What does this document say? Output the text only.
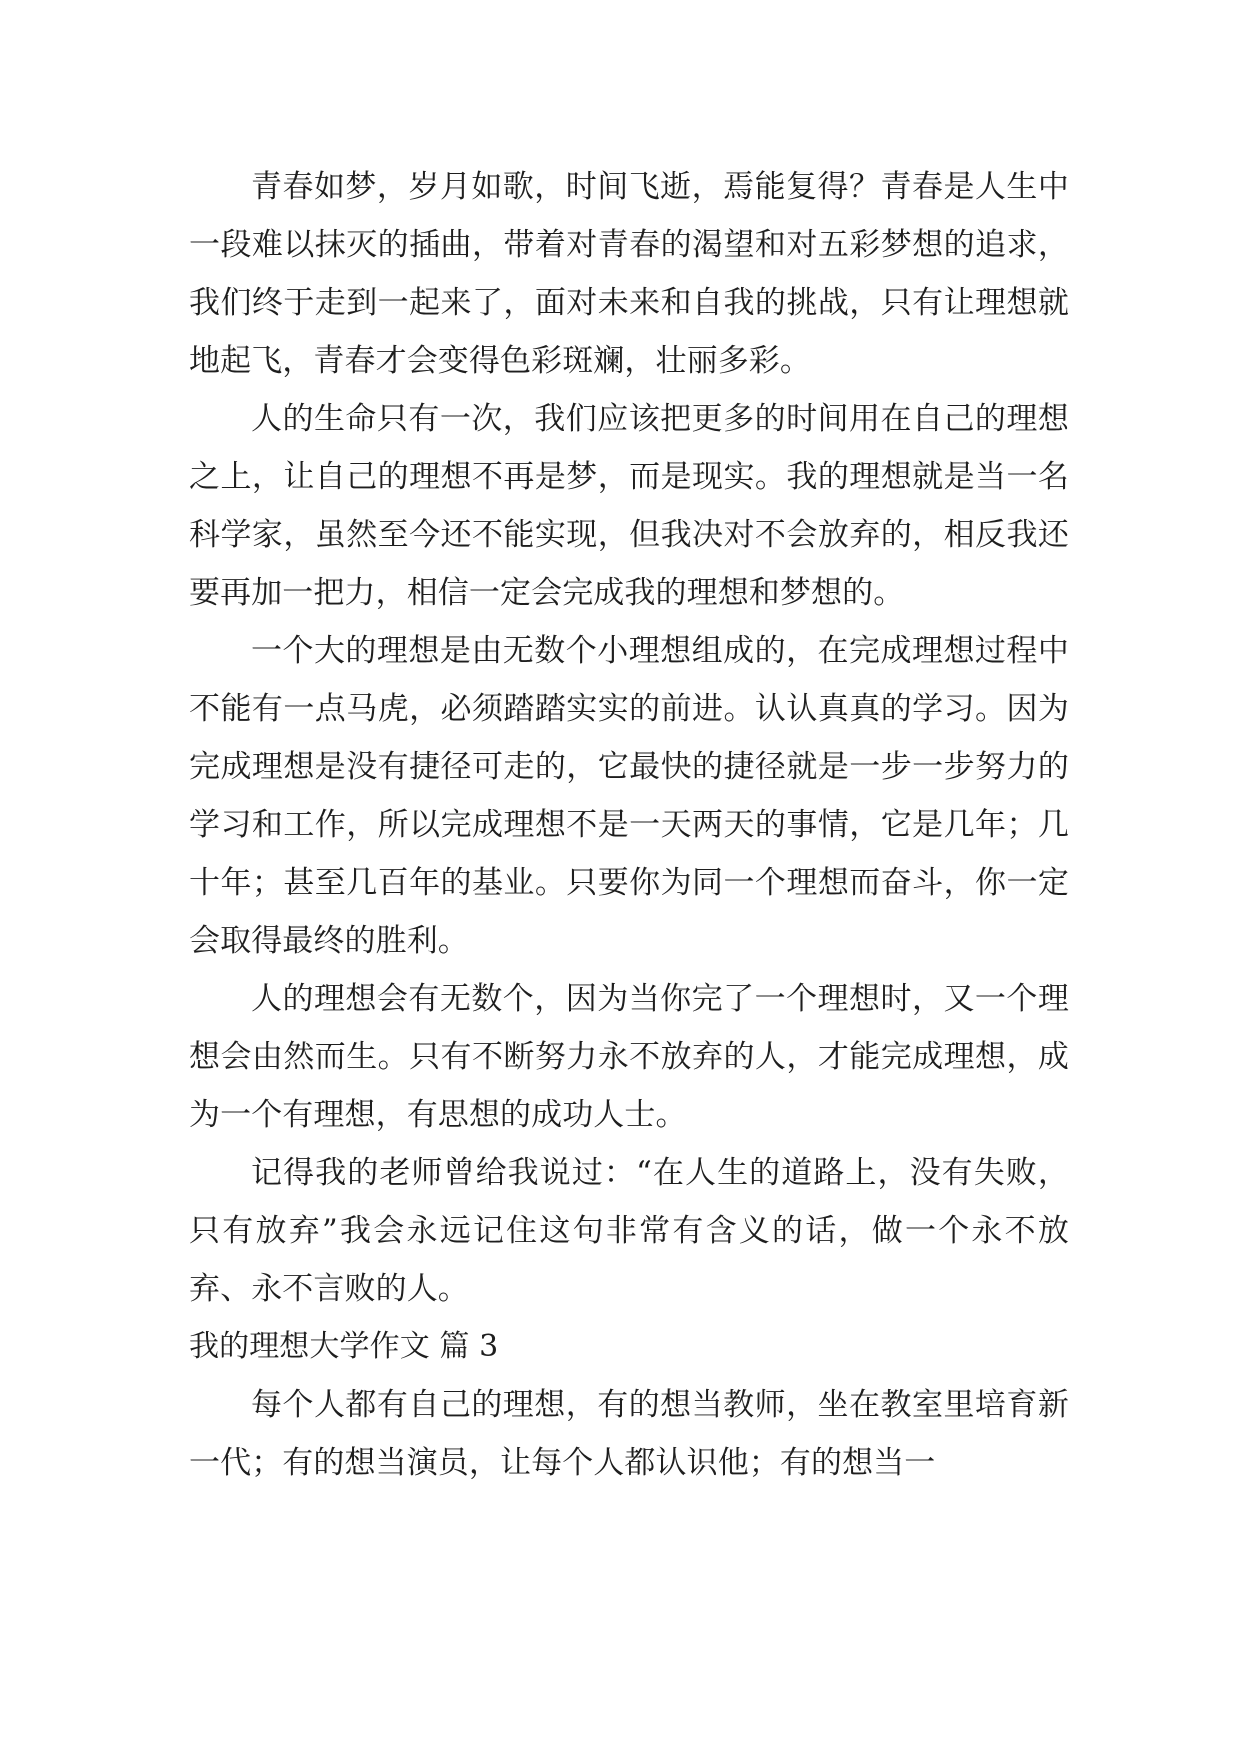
青春如梦，岁月如歌，时间飞逝，焉能复得？青春是人生中一段难以抹灭的插曲，带着对青春的渴望和对五彩梦想的追求，我们终于走到一起来了，面对未来和自我的挑战，只有让理想就地起飞，青春才会变得色彩斑斓，壮丽多彩。

人的生命只有一次，我们应该把更多的时间用在自己的理想之上，让自己的理想不再是梦，而是现实。我的理想就是当一名科学家，虽然至今还不能实现，但我决对不会放弃的，相反我还要再加一把力，相信一定会完成我的理想和梦想的。

一个大的理想是由无数个小理想组成的，在完成理想过程中不能有一点马虎，必须踏踏实实的前进。认认真真的学习。因为完成理想是没有捷径可走的，它最快的捷径就是一步一步努力的学习和工作，所以完成理想不是一天两天的事情，它是几年；几十年；甚至几百年的基业。只要你为同一个理想而奋斗，你一定会取得最终的胜利。

人的理想会有无数个，因为当你完了一个理想时，又一个理想会由然而生。只有不断努力永不放弃的人，才能完成理想，成为一个有理想，有思想的成功人士。

记得我的老师曾给我说过：“在人生的道路上，没有失败，只有放弃”我会永远记住这句非常有含义的话，做一个永不放弃、永不言败的人。

我的理想大学作文 篇 3

每个人都有自己的理想，有的想当教师，坐在教室里培育新一代；有的想当演员，让每个人都认识他；有的想当一
